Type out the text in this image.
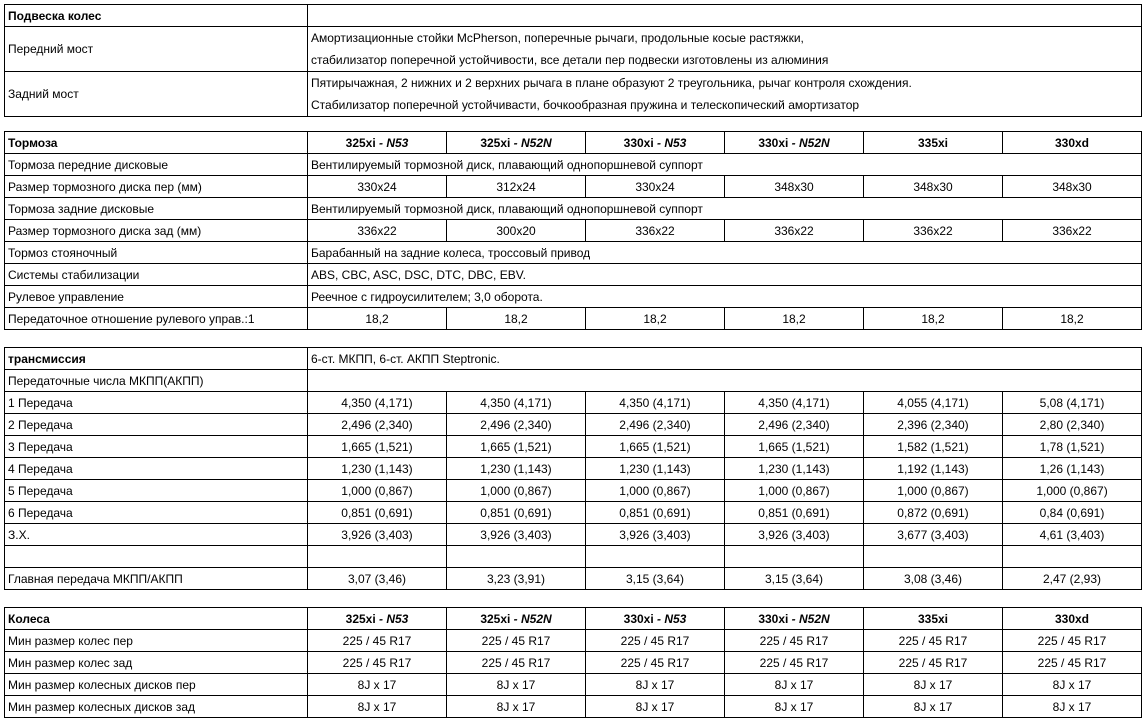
Подвеска колес	
Передний мост	Амортизационные стойки McPherson, поперечные рычаги, продольные косые растяжки,
стабилизатор поперечной устойчивости, все детали пер подвески изготовлены из алюминия

Задний мост	Пятирычажная, 2 нижних и 2 верхних рычага в плане образуют 2 треугольника, рычаг контроля схождения.
Стабилизатор поперечной устойчивасти, бочкообразная пружина и телескопический амортизатор
Тормоза	325xi - N53	325xi - N52N	330xi - N53	330xi - N52N	335xi	330xd
Тормоза передние дисковые	Вентилируемый тормозной диск, плавающий однопоршневой суппорт					
Размер тормозного диска пер (мм)	330x24	312x24	330x24	348x30	348x30	348x30
Тормоза задние дисковые	Вентилируемый тормозной диск, плавающий однопоршневой суппорт					
Размер тормозного диска зад (мм)	336x22	300x20	336x22	336x22	336x22	336x22
Тормоз стояночный	Барабанный на задние колеса, тросcовый привод					
Системы стабилизации	ABS, CBC, ASC, DSC, DTC, DBC, EBV.					
Рулевое управление	Реечное с гидроусилителем; 3,0 оборота.					
Передаточное отношение рулевого управ.:1	18,2	18,2	18,2	18,2	18,2	18,2
трансмиссия	6-ст. МКПП, 6-ст. АКПП Steptronic.					
Передаточные числа МКПП(АКПП)						
1 Передача	4,350 (4,171)	4,350 (4,171)	4,350 (4,171)	4,350 (4,171)	4,055 (4,171)	5,08 (4,171)
2 Передача	2,496 (2,340)	2,496 (2,340)	2,496 (2,340)	2,496 (2,340)	2,396 (2,340)	2,80 (2,340)
3 Передача	1,665 (1,521)	1,665 (1,521)	1,665 (1,521)	1,665 (1,521)	1,582 (1,521)	1,78 (1,521)
4 Передача	1,230 (1,143)	1,230 (1,143)	1,230 (1,143)	1,230 (1,143)	1,192 (1,143)	1,26 (1,143)
5 Передача	1,000 (0,867)	1,000 (0,867)	1,000 (0,867)	1,000 (0,867)	1,000 (0,867)	1,000 (0,867)
6 Передача	0,851 (0,691)	0,851 (0,691)	0,851 (0,691)	0,851 (0,691)	0,872 (0,691)	0,84 (0,691)
З.Х.	3,926 (3,403)	3,926 (3,403)	3,926 (3,403)	3,926 (3,403)	3,677 (3,403)	4,61 (3,403)

Главная передача МКПП/АКПП	3,07 (3,46)	3,23 (3,91)	3,15 (3,64)	3,15 (3,64)	3,08 (3,46)	2,47 (2,93)
Колеса	325xi - N53	325xi - N52N	330xi - N53	330xi - N52N	335xi	330xd
Мин размер колес пер	225 / 45 R17	225 / 45 R17	225 / 45 R17	225 / 45 R17	225 / 45 R17	225 / 45 R17
Мин размер колес зад	225 / 45 R17	225 / 45 R17	225 / 45 R17	225 / 45 R17	225 / 45 R17	225 / 45 R17
Мин размер колесных дисков пер	8J x 17	8J x 17	8J x 17	8J x 17	8J x 17	8J x 17
Мин размер колесных дисков зад	8J x 17	8J x 17	8J x 17	8J x 17	8J x 17	8J x 17
